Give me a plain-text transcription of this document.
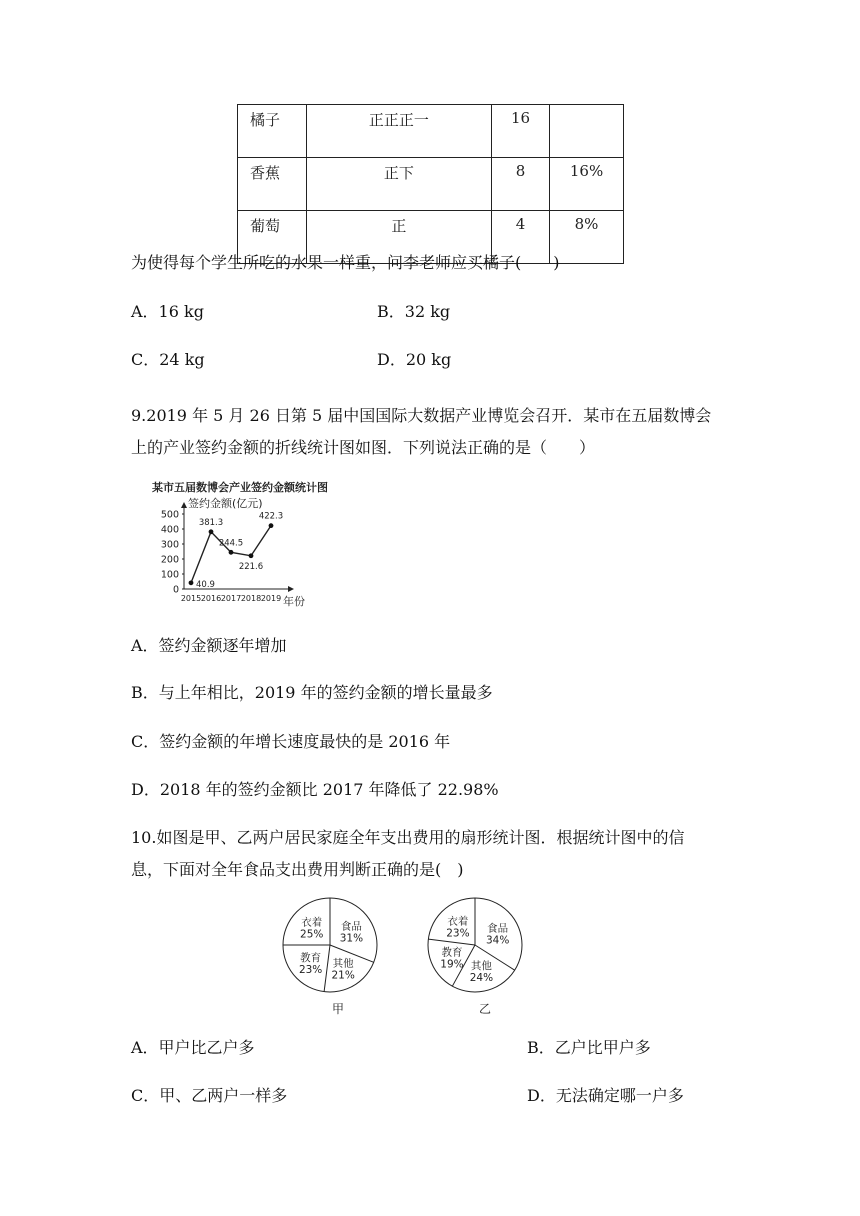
橘子	正正正一	16	
香蕉	正下	8	16%
葡萄	正	4	8%
为使得每个学生所吃的水果一样重，问李老师应买橘子(　　)
A．16 kg	B．32 kg
C．24 kg	D．20 kg
9.2019 年 5 月 26 日第 5 届中国国际大数据产业博览会召开．某市在五届数博会
上的产业签约金额的折线统计图如图．下列说法正确的是（　　）
某市五届数博会产业签约金额统计图
签约金额(亿元)
年份
0
100
200
300
400
500
2015 2016 2017 2018 2019
40.9
381.3
244.5
221.6
422.3
A．签约金额逐年增加
B．与上年相比，2019 年的签约金额的增长量最多
C．签约金额的年增长速度最快的是 2016 年
D．2018 年的签约金额比 2017 年降低了 22.98%
10.如图是甲、乙两户居民家庭全年支出费用的扇形统计图．根据统计图中的信
息，下面对全年食品支出费用判断正确的是(　)
食品
31%
其他
21%
教育
23%
衣着
25%
甲
食品
34%
其他
24%
教育
19%
衣着
23%
乙
A．甲户比乙户多	B．乙户比甲户多
C．甲、乙两户一样多	D．无法确定哪一户多
